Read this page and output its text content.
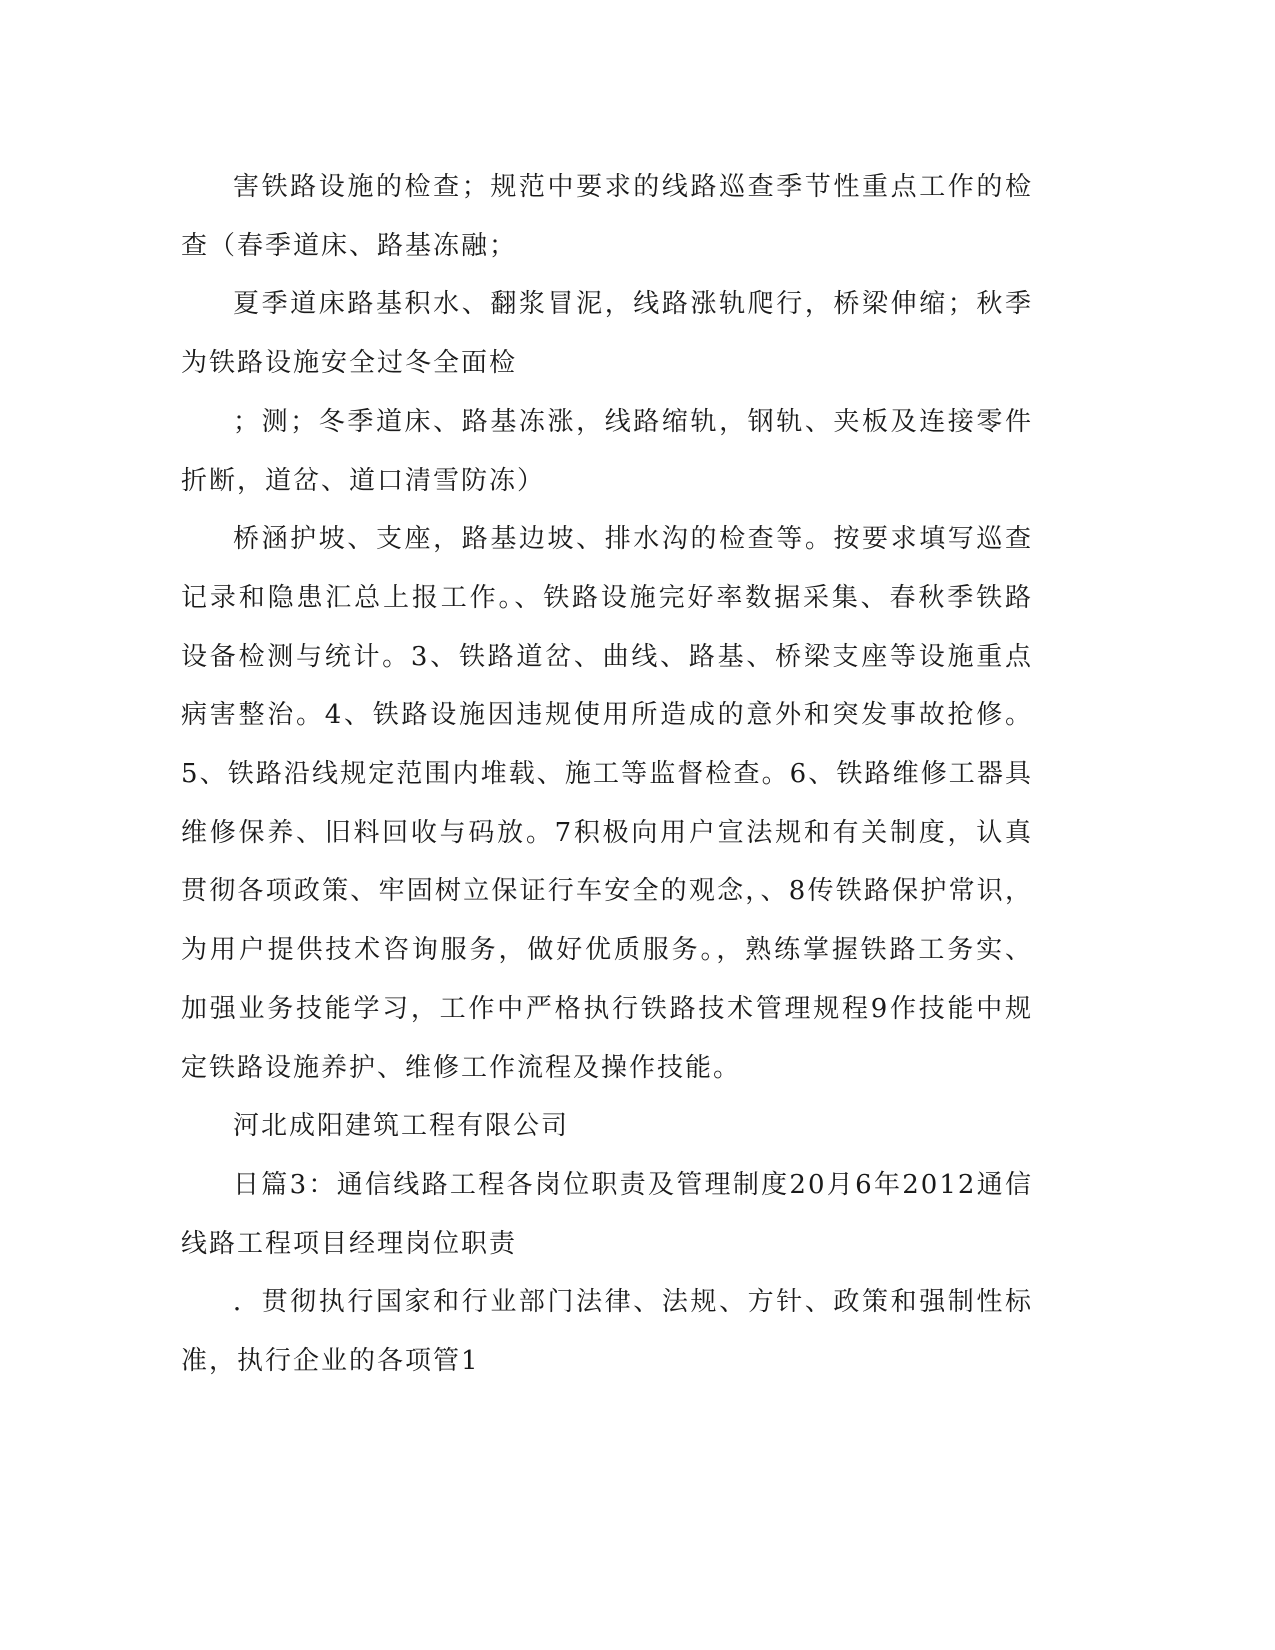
害铁路设施的检查；规范中要求的线路巡查季节性重点工作的检查（春季道床、路基冻融；

夏季道床路基积水、翻浆冒泥，线路涨轨爬行，桥梁伸缩；秋季为铁路设施安全过冬全面检

；测；冬季道床、路基冻涨，线路缩轨，钢轨、夹板及连接零件折断，道岔、道口清雪防冻）

桥涵护坡、支座，路基边坡、排水沟的检查等。按要求填写巡查记录和隐患汇总上报工作。、铁路设施完好率数据采集、春秋季铁路设备检测与统计。3、铁路道岔、曲线、路基、桥梁支座等设施重点病害整治。4、铁路设施因违规使用所造成的意外和突发事故抢修。5、铁路沿线规定范围内堆载、施工等监督检查。6、铁路维修工器具维修保养、旧料回收与码放。7积极向用户宣法规和有关制度，认真贯彻各项政策、牢固树立保证行车安全的观念，、8传铁路保护常识，为用户提供技术咨询服务，做好优质服务。，熟练掌握铁路工务实、加强业务技能学习，工作中严格执行铁路技术管理规程9作技能中规定铁路设施养护、维修工作流程及操作技能。

河北成阳建筑工程有限公司

日篇3：通信线路工程各岗位职责及管理制度20月6年2012通信线路工程项目经理岗位职责

．贯彻执行国家和行业部门法律、法规、方针、政策和强制性标准，执行企业的各项管1
